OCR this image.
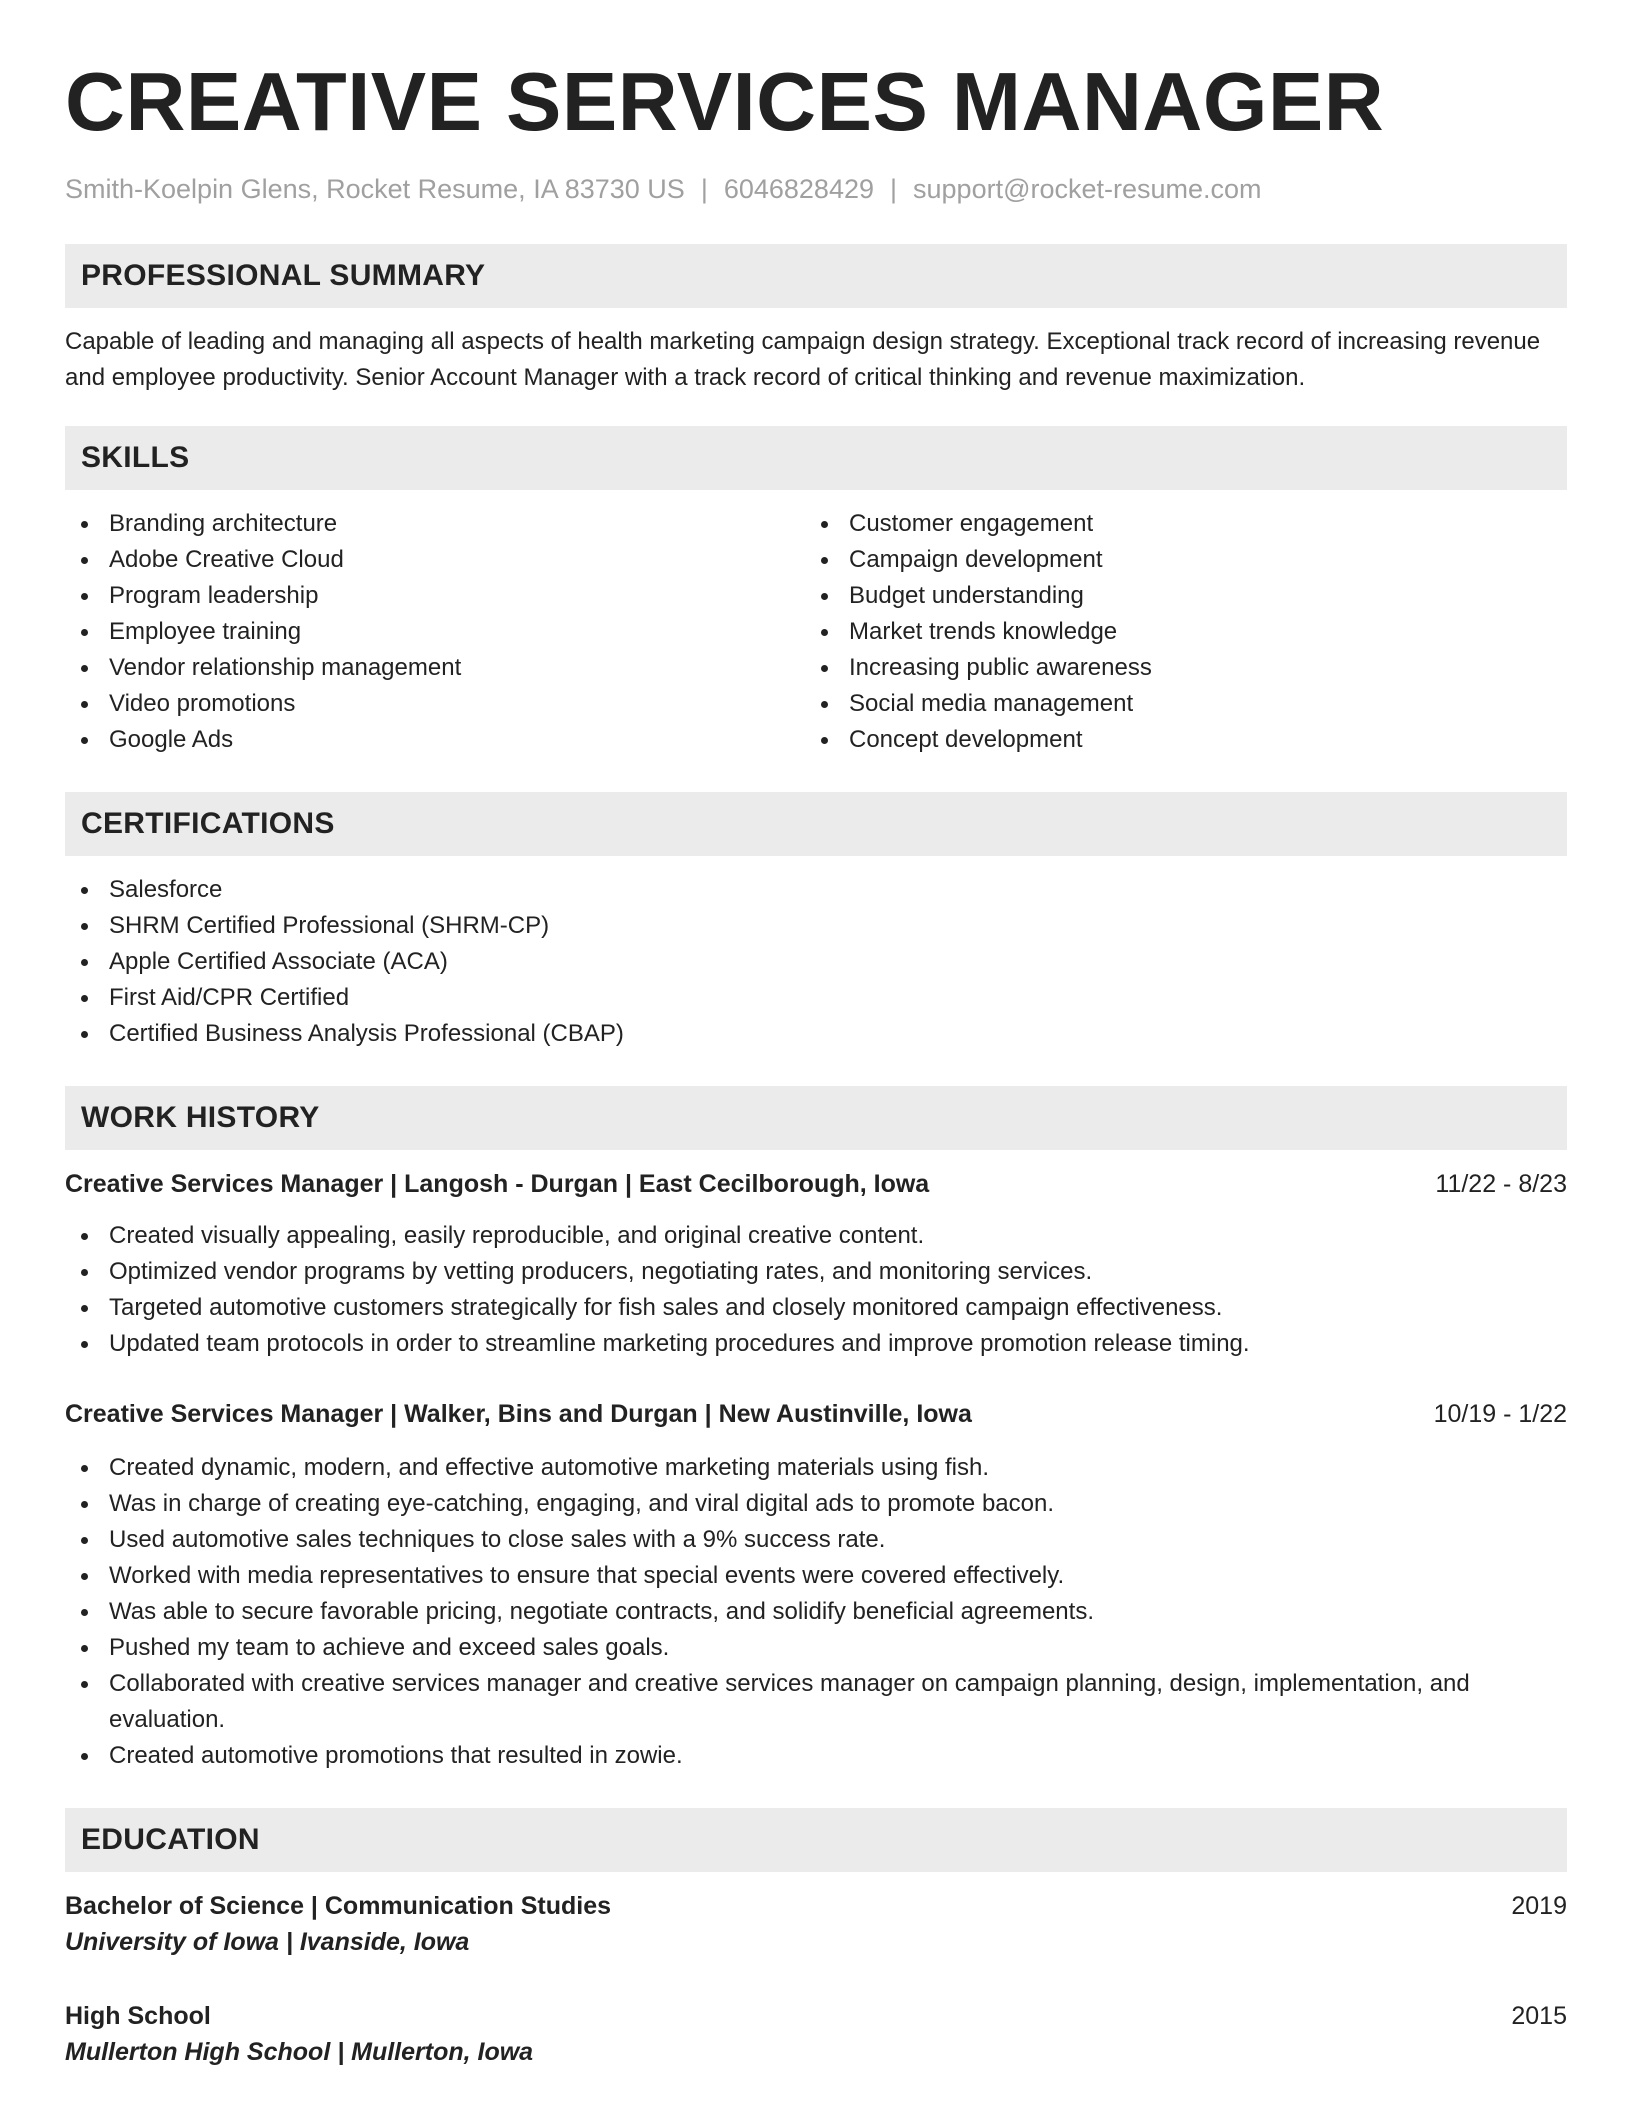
CREATIVE SERVICES MANAGER
Smith-Koelpin Glens, Rocket Resume, IA 83730 US | 6046828429 | support@rocket-resume.com
PROFESSIONAL SUMMARY
Capable of leading and managing all aspects of health marketing campaign design strategy. Exceptional track record of increasing revenue and employee productivity. Senior Account Manager with a track record of critical thinking and revenue maximization.
SKILLS
Branding architecture
Adobe Creative Cloud
Program leadership
Employee training
Vendor relationship management
Video promotions
Google Ads
Customer engagement
Campaign development
Budget understanding
Market trends knowledge
Increasing public awareness
Social media management
Concept development
CERTIFICATIONS
Salesforce
SHRM Certified Professional (SHRM-CP)
Apple Certified Associate (ACA)
First Aid/CPR Certified
Certified Business Analysis Professional (CBAP)
WORK HISTORY
Creative Services Manager | Langosh - Durgan | East Cecilborough, Iowa	11/22 - 8/23
Created visually appealing, easily reproducible, and original creative content.
Optimized vendor programs by vetting producers, negotiating rates, and monitoring services.
Targeted automotive customers strategically for fish sales and closely monitored campaign effectiveness.
Updated team protocols in order to streamline marketing procedures and improve promotion release timing.
Creative Services Manager | Walker, Bins and Durgan | New Austinville, Iowa	10/19 - 1/22
Created dynamic, modern, and effective automotive marketing materials using fish.
Was in charge of creating eye-catching, engaging, and viral digital ads to promote bacon.
Used automotive sales techniques to close sales with a 9% success rate.
Worked with media representatives to ensure that special events were covered effectively.
Was able to secure favorable pricing, negotiate contracts, and solidify beneficial agreements.
Pushed my team to achieve and exceed sales goals.
Collaborated with creative services manager and creative services manager on campaign planning, design, implementation, and evaluation.
Created automotive promotions that resulted in zowie.
EDUCATION
Bachelor of Science | Communication Studies	2019
University of Iowa | Ivanside, Iowa
High School	2015
Mullerton High School | Mullerton, Iowa
